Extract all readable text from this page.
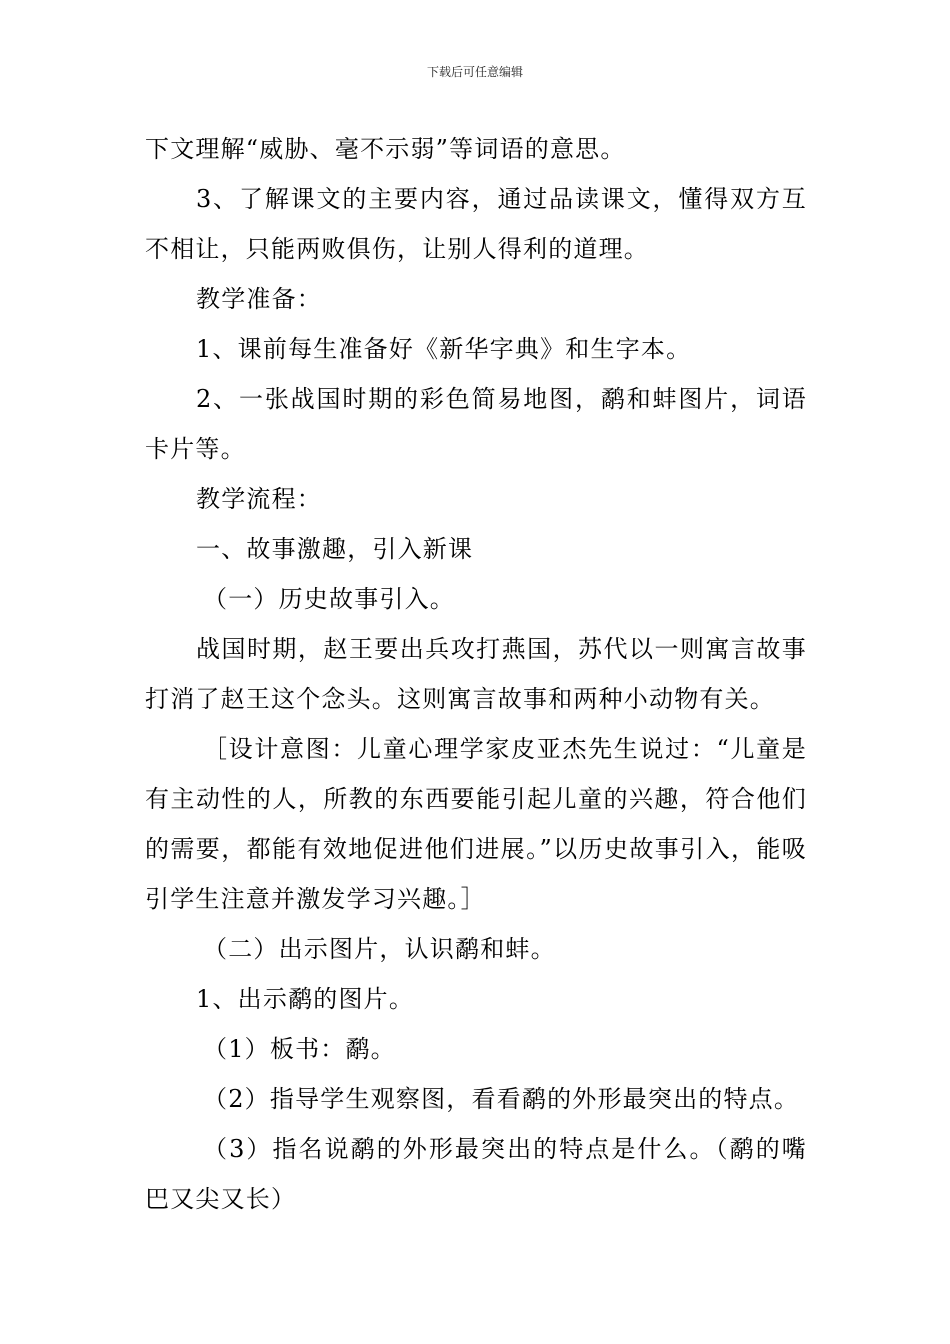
下载后可任意编辑

下文理解“威胁、毫不示弱”等词语的意思。

3、了解课文的主要内容，通过品读课文，懂得双方互不相让，只能两败俱伤，让别人得利的道理。

教学准备：

1、课前每生准备好《新华字典》和生字本。

2、一张战国时期的彩色简易地图，鹬和蚌图片，词语卡片等。

教学流程：

一、故事激趣，引入新课

（一）历史故事引入。

战国时期，赵王要出兵攻打燕国，苏代以一则寓言故事打消了赵王这个念头。这则寓言故事和两种小动物有关。

［设计意图：儿童心理学家皮亚杰先生说过：“儿童是有主动性的人，所教的东西要能引起儿童的兴趣，符合他们的需要，都能有效地促进他们进展。”以历史故事引入，能吸引学生注意并激发学习兴趣。］

（二）出示图片，认识鹬和蚌。

1、出示鹬的图片。

（1）板书：鹬。

（2）指导学生观察图，看看鹬的外形最突出的特点。

（3）指名说鹬的外形最突出的特点是什么。（鹬的嘴巴又尖又长）
